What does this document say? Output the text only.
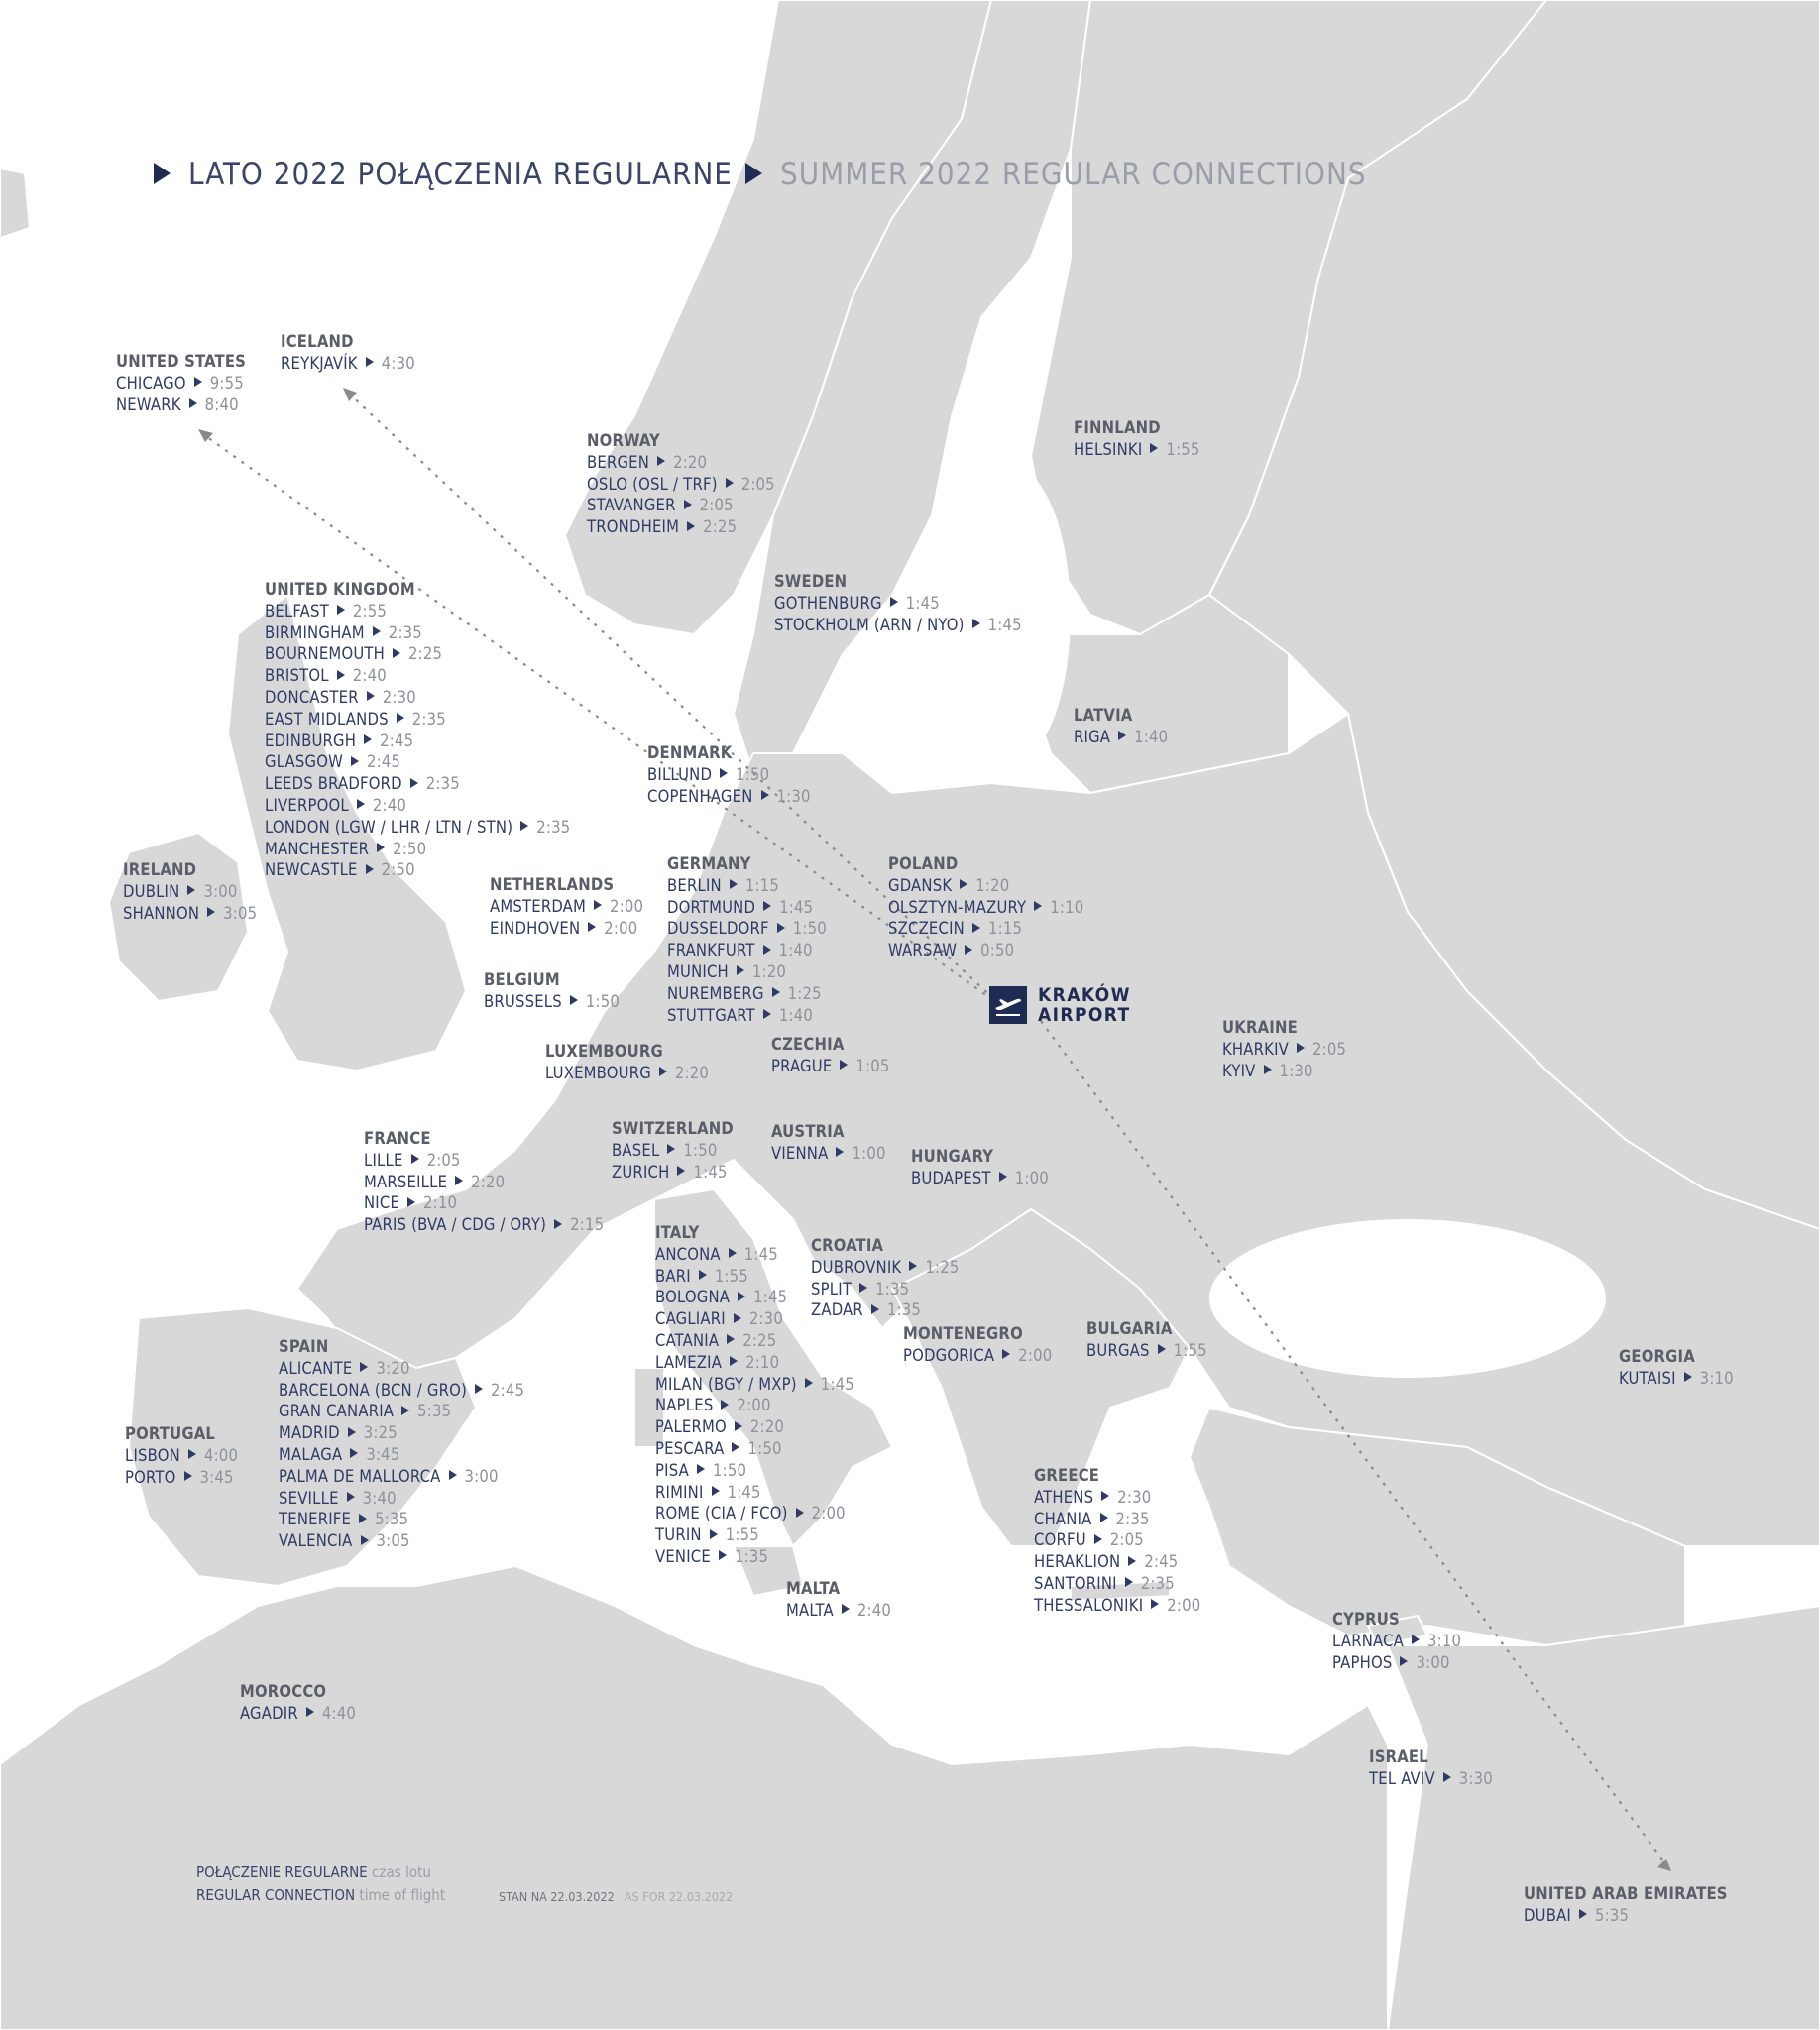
LATO 2022 POŁĄCZENIA REGULARNE	SUMMER 2022 REGULAR CONNECTIONS
UNITED STATES
CHICAGO 9:55
NEWARK 8:40
ICELAND
REYKJAVÍK 4:30
NORWAY
BERGEN 2:20
OSLO (OSL / TRF) 2:05
STAVANGER 2:05
TRONDHEIM 2:25
FINNLAND
HELSINKI 1:55
SWEDEN
GOTHENBURG 1:45
STOCKHOLM (ARN / NYO) 1:45
UNITED KINGDOM
BELFAST 2:55
BIRMINGHAM 2:35
BOURNEMOUTH 2:25
BRISTOL 2:40
DONCASTER 2:30
EAST MIDLANDS 2:35
EDINBURGH 2:45
GLASGOW 2:45
LEEDS BRADFORD 2:35
LIVERPOOL 2:40
LONDON (LGW / LHR / LTN / STN) 2:35
MANCHESTER 2:50
NEWCASTLE 2:50
LATVIA
RIGA 1:40
DENMARK
BILLUND 1:50
COPENHAGEN 1:30
IRELAND
DUBLIN 3:00
SHANNON 3:05
NETHERLANDS
AMSTERDAM 2:00
EINDHOVEN 2:00
GERMANY
BERLIN 1:15
DORTMUND 1:45
DUSSELDORF 1:50
FRANKFURT 1:40
MUNICH 1:20
NUREMBERG 1:25
STUTTGART 1:40
POLAND
GDANSK 1:20
OLSZTYN-MAZURY 1:10
SZCZECIN 1:15
WARSAW 0:50
BELGIUM
BRUSSELS 1:50
UKRAINE
KHARKIV 2:05
KYIV 1:30
LUXEMBOURG
LUXEMBOURG 2:20
CZECHIA
PRAGUE 1:05
FRANCE
LILLE 2:05
MARSEILLE 2:20
NICE 2:10
PARIS (BVA / CDG / ORY) 2:15
SWITZERLAND
BASEL 1:50
ZURICH 1:45
AUSTRIA
VIENNA 1:00 HUNGARY
BUDAPEST 1:00
ITALY
ANCONA 1:45
BARI 1:55
BOLOGNA 1:45
CAGLIARI 2:30
CATANIA 2:25
LAMEZIA 2:10
MILAN (BGY / MXP) 1:45
NAPLES 2:00
PALERMO 2:20
PESCARA 1:50
PISA 1:50
RIMINI 1:45
ROME (CIA / FCO) 2:00
TURIN 1:55
VENICE 1:35
CROATIA
DUBROVNIK 1:25
SPLIT 1:35
ZADAR 1:35
SPAIN
ALICANTE 3:20
BARCELONA (BCN / GRO) 2:45
GRAN CANARIA 5:35
MADRID 3:25
MALAGA 3:45
PALMA DE MALLORCA 3:00
SEVILLE 3:40
TENERIFE 5:35
VALENCIA 3:05
MONTENEGRO
PODGORICA 2:00
BULGARIA
BURGAS 1:55	GEORGIA
KUTAISI 3:10
PORTUGAL
LISBON 4:00
PORTO 3:45	GREECE
ATHENS 2:30
CHANIA 2:35
CORFU 2:05
HERAKLION 2:45
SANTORINI 2:35
THESSALONIKI 2:00
MALTA
MALTA 2:40	CYPRUS
LARNACA 3:10
PAPHOS 3:00
MOROCCO
AGADIR 4:40
ISRAEL
TEL AVIV 3:30
UNITED ARAB EMIRATES
DUBAI 5:35
KRAKÓW
AIRPORT
POŁĄCZENIE REGULARNE czas lotu
REGULAR CONNECTION time of flight	STAN NA 22.03.2022 AS FOR 22.03.2022
